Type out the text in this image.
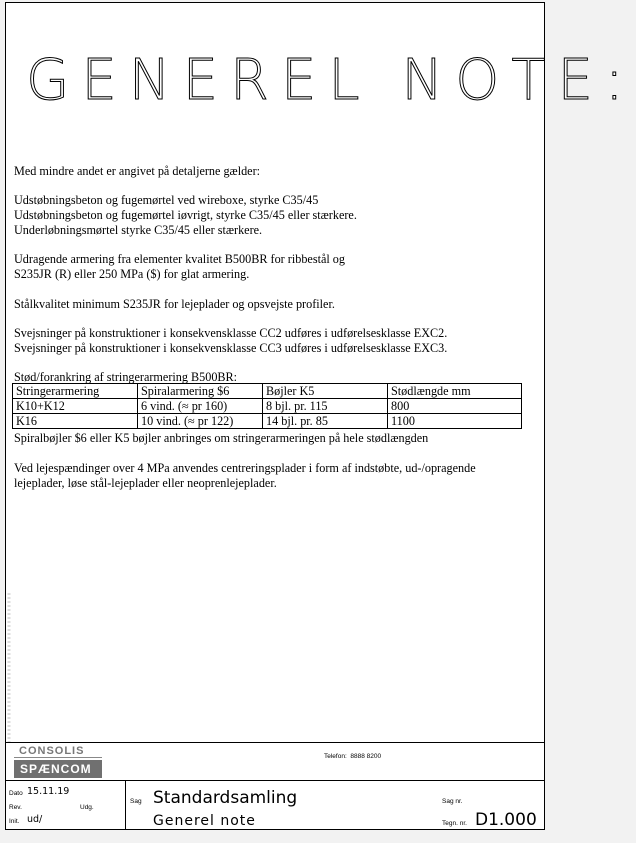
GENEREL NOTE:
Med mindre andet er angivet på detaljerne gælder:
Udstøbningsbeton og fugemørtel ved wireboxe, styrke C35/45
Udstøbningsbeton og fugemørtel iøvrigt, styrke C35/45 eller stærkere.
Underløbningsmørtel styrke C35/45 eller stærkere.
Udragende armering fra elementer kvalitet B500BR for ribbestål og
S235JR (R) eller 250 MPa ($) for glat armering.
Stålkvalitet minimum S235JR for lejeplader og opsvejste profiler.
Svejsninger på konstruktioner i konsekvensklasse CC2 udføres i udførelsesklasse EXC2.
Svejsninger på konstruktioner i konsekvensklasse CC3 udføres i udførelsesklasse EXC3.
Stød/forankring af stringerarmering B500BR:
Stringerarmering	Spiralarmering $6	Bøjler K5	Stødlængde mm
K10+K12	6 vind. (≈ pr 160)	8 bjl. pr. 115	800
K16	10 vind. (≈ pr 122)	14 bjl. pr. 85	1100
Spiralbøjler $6 eller K5 bøjler anbringes om stringerarmeringen på hele stødlængden
Ved lejespændinger over 4 MPa anvendes centreringsplader i form af indstøbte, ud-/opragende
lejeplader, løse stål-lejeplader eller neoprenlejeplader.
CONSOLIS
SPÆNCOM
Telefon: 8888 8200
Dato 15.11.19
Rev.	Udg.
Init. ud/
Sag Standardsamling
Generel note
Sag nr.
Tegn. nr. D1.000
